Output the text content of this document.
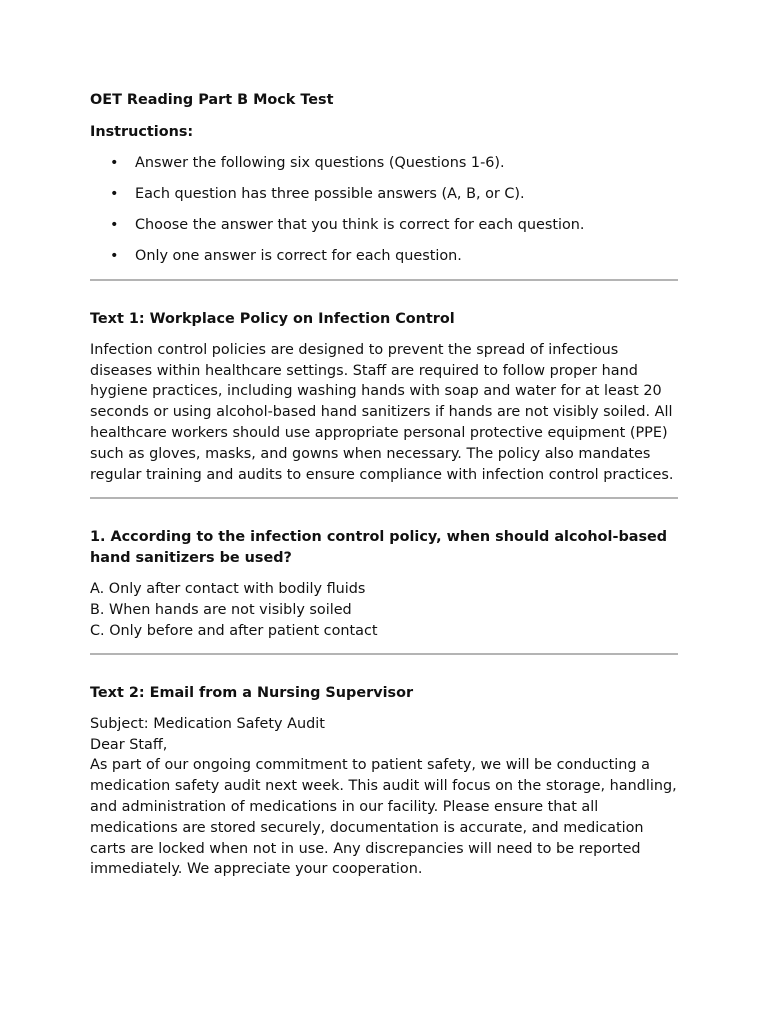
OET Reading Part B Mock Test
Instructions:
• Answer the following six questions (Questions 1-6).
• Each question has three possible answers (A, B, or C).
• Choose the answer that you think is correct for each question.
• Only one answer is correct for each question.
Text 1: Workplace Policy on Infection Control
Infection control policies are designed to prevent the spread of infectious diseases within healthcare settings. Staff are required to follow proper hand hygiene practices, including washing hands with soap and water for at least 20 seconds or using alcohol-based hand sanitizers if hands are not visibly soiled. All healthcare workers should use appropriate personal protective equipment (PPE) such as gloves, masks, and gowns when necessary. The policy also mandates regular training and audits to ensure compliance with infection control practices.
1. According to the infection control policy, when should alcohol-based hand sanitizers be used?
A. Only after contact with bodily fluids
B. When hands are not visibly soiled
C. Only before and after patient contact
Text 2: Email from a Nursing Supervisor
Subject: Medication Safety Audit
Dear Staff,
As part of our ongoing commitment to patient safety, we will be conducting a medication safety audit next week. This audit will focus on the storage, handling, and administration of medications in our facility. Please ensure that all medications are stored securely, documentation is accurate, and medication carts are locked when not in use. Any discrepancies will need to be reported immediately. We appreciate your cooperation.
